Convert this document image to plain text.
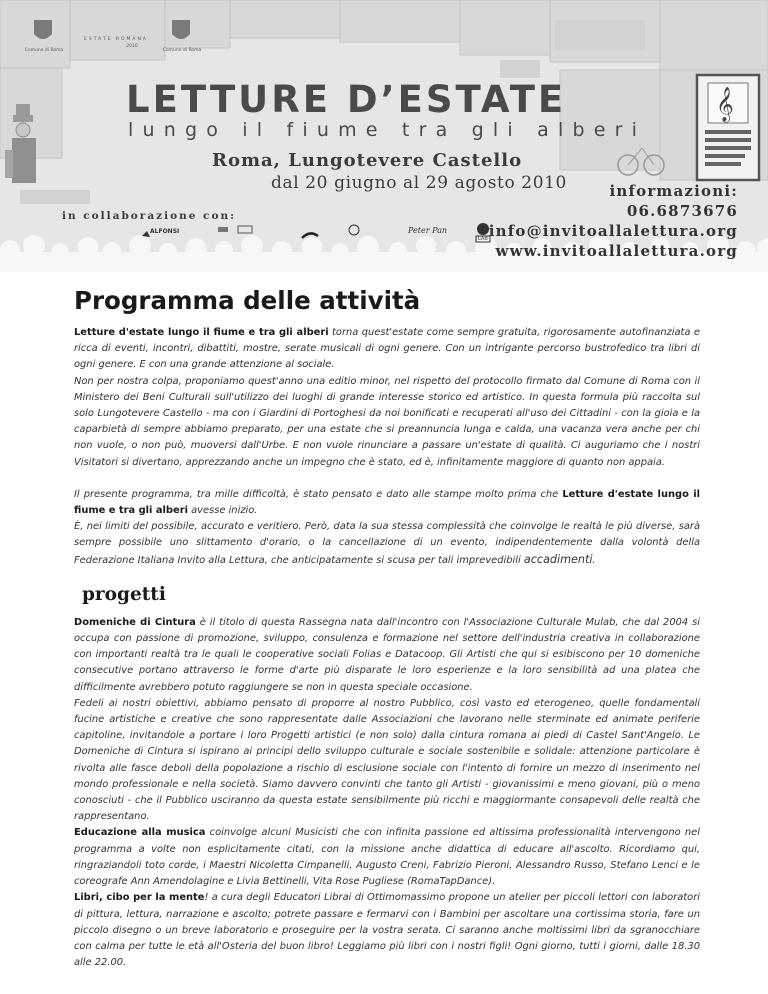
𝄞
Comune di Roma
ESTATE ROMANA
2010
Comune di Roma
LETTURE D’ESTATE
lungo il fiume tra gli alberi
Roma, Lungotevere Castello
dal 20 giugno al 29 agosto 2010
in collaborazione con:
ALFONSI	Peter Pan
LAB
informazioni:
06.6873676
info@invitoallalettura.org
www.invitoallalettura.org
Programma delle attività

Letture d'estate lungo il fiume e tra gli alberi torna quest'estate come sempre gratuita, rigorosamente autofinanziata e ricca di eventi, incontri, dibattiti, mostre, serate musicali di ogni genere. Con un intrigante percorso bustrofedico tra libri di ogni genere. E con una grande attenzione al sociale.

Non per nostra colpa, proponiamo quest'anno una editio minor, nel rispetto del protocollo firmato dal Comune di Roma con il Ministero dei Beni Culturali sull'utilizzo dei luoghi di grande interesse storico ed artistico. In questa formula più raccolta sul solo Lungotevere Castello - ma con i Giardini di Portoghesi da noi bonificati e recuperati all'uso dei Cittadini - con la gioia e la caparbietà di sempre abbiamo preparato, per una estate che si preannuncia lunga e calda, una vacanza vera anche per chi non vuole, o non può, muoversi dall'Urbe. E non vuole rinunciare a passare un'estate di qualità. Ci auguriamo che i nostri Visitatori si divertano, apprezzando anche un impegno che è stato, ed è, infinitamente maggiore di quanto non appaia.

Il presente programma, tra mille difficoltà, è stato pensato e dato alle stampe molto prima che Letture d'estate lungo il fiume e tra gli alberi avesse inizio.

È, nei limiti del possibile, accurato e veritiero. Però, data la sua stessa complessità che coinvolge le realtà le più diverse, sarà sempre possibile uno slittamento d'orario, o la cancellazione di un evento, indipendentemente dalla volontà della Federazione Italiana Invito alla Lettura, che anticipatamente si scusa per tali imprevedibili accadimenti.

progetti

Domeniche di Cintura è il titolo di questa Rassegna nata dall'incontro con l'Associazione Culturale Mulab, che dal 2004 si occupa con passione di promozione, sviluppo, consulenza e formazione nel settore dell'industria creativa in collaborazione con importanti realtà tra le quali le cooperative sociali Folias e Datacoop. Gli Artisti che qui si esibiscono per 10 domeniche consecutive portano attraverso le forme d'arte più disparate le loro esperienze e la loro sensibilità ad una platea che difficilmente avrebbero potuto raggiungere se non in questa speciale occasione.

Fedeli ai nostri obiettivi, abbiamo pensato di proporre al nostro Pubblico, così vasto ed eterogeneo, quelle fondamentali fucine artistiche e creative che sono rappresentate dalle Associazioni che lavorano nelle sterminate ed animate periferie capitoline, invitandole a portare i loro Progetti artistici (e non solo) dalla cintura romana ai piedi di Castel Sant'Angelo. Le Domeniche di Cintura si ispirano ai principi dello sviluppo culturale e sociale sostenibile e solidale: attenzione particolare è rivolta alle fasce deboli della popolazione a rischio di esclusione sociale con l'intento di fornire un mezzo di inserimento nel mondo professionale e nella società. Siamo davvero convinti che tanto gli Artisti - giovanissimi e meno giovani, più o meno conosciuti - che il Pubblico usciranno da questa estate sensibilmente più ricchi e maggiormante consapevoli delle realtà che rappresentano.

Educazione alla musica coinvolge alcuni Musicisti che con infinita passione ed altissima professionalità intervengono nel programma a volte non esplicitamente citati, con la missione anche didattica di educare all'ascolto. Ricordiamo qui, ringraziandoli toto corde, i Maestri Nicoletta Cimpanelli, Augusto Creni, Fabrizio Pieroni, Alessandro Russo, Stefano Lenci e le coreografe Ann Amendolagine e Livia Bettinelli, Vita Rose Pugliese (RomaTapDance).

Libri, cibo per la mente! a cura degli Educatori Librai di Ottimomassimo propone un atelier per piccoli lettori con laboratori di pittura, lettura, narrazione e ascolto; potrete passare e fermarvi con i Bambini per ascoltare una cortissima storia, fare un piccolo disegno o un breve laboratorio e proseguire per la vostra serata. Ci saranno anche moltissimi libri da sgranocchiare con calma per tutte le età all'Osteria del buon libro! Leggiamo più libri con i nostri figli! Ogni giorno, tutti i giorni, dalle 18.30 alle 22.00.
